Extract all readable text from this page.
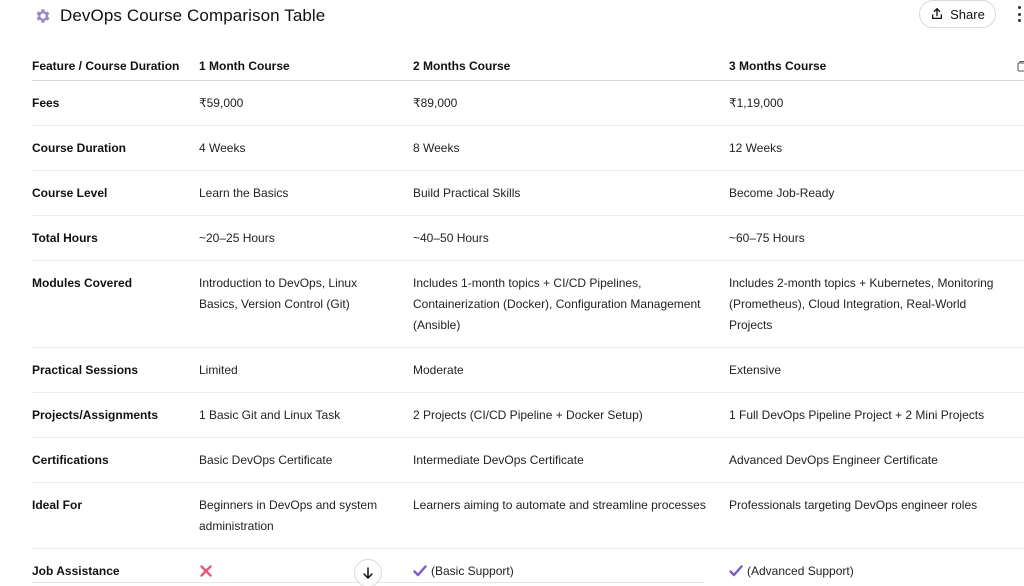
DevOps Course Comparison Table	Share
Feature / Course Duration	1 Month Course	2 Months Course	3 Months Course
Fees	₹59,000	₹89,000	₹1,19,000
Course Duration	4 Weeks	8 Weeks	12 Weeks
Course Level	Learn the Basics	Build Practical Skills	Become Job-Ready
Total Hours	~20–25 Hours	~40–50 Hours	~60–75 Hours
Modules Covered	Introduction to DevOps, Linux Basics, Version Control (Git)	Includes 1-month topics + CI/CD Pipelines, Containerization (Docker), Configuration Management (Ansible)	Includes 2-month topics + Kubernetes, Monitoring (Prometheus), Cloud Integration, Real-World Projects
Practical Sessions	Limited	Moderate	Extensive
Projects/Assignments	1 Basic Git and Linux Task	2 Projects (CI/CD Pipeline + Docker Setup)	1 Full DevOps Pipeline Project + 2 Mini Projects
Certifications	Basic DevOps Certificate	Intermediate DevOps Certificate	Advanced DevOps Engineer Certificate
Ideal For	Beginners in DevOps and system administration	Learners aiming to automate and streamline processes	Professionals targeting DevOps engineer roles
Job Assistance		(Basic Support)	(Advanced Support)
